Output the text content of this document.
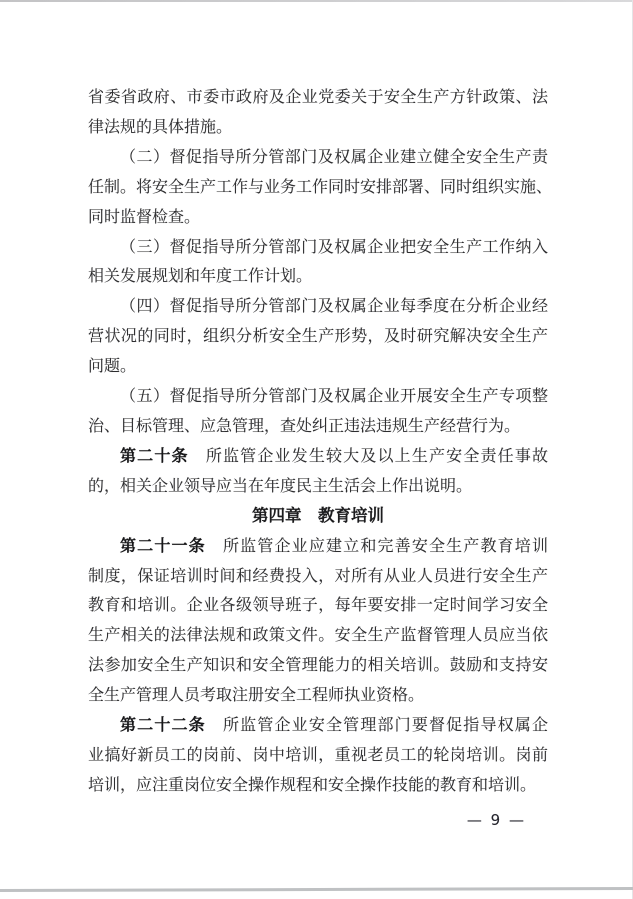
省委省政府、市委市政府及企业党委关于安全生产方针政策、法
律法规的具体措施。
（二）督促指导所分管部门及权属企业建立健全安全生产责
任制。将安全生产工作与业务工作同时安排部署、同时组织实施、
同时监督检查。
（三）督促指导所分管部门及权属企业把安全生产工作纳入
相关发展规划和年度工作计划。
（四）督促指导所分管部门及权属企业每季度在分析企业经
营状况的同时，组织分析安全生产形势，及时研究解决安全生产
问题。
（五）督促指导所分管部门及权属企业开展安全生产专项整
治、目标管理、应急管理，查处纠正违法违规生产经营行为。
第二十条　所监管企业发生较大及以上生产安全责任事故
的，相关企业领导应当在年度民主生活会上作出说明。
第四章　教育培训
第二十一条　所监管企业应建立和完善安全生产教育培训
制度，保证培训时间和经费投入，对所有从业人员进行安全生产
教育和培训。企业各级领导班子，每年要安排一定时间学习安全
生产相关的法律法规和政策文件。安全生产监督管理人员应当依
法参加安全生产知识和安全管理能力的相关培训。鼓励和支持安
全生产管理人员考取注册安全工程师执业资格。
第二十二条　所监管企业安全管理部门要督促指导权属企
业搞好新员工的岗前、岗中培训，重视老员工的轮岗培训。岗前
培训，应注重岗位安全操作规程和安全操作技能的教育和培训。
— 9 —
